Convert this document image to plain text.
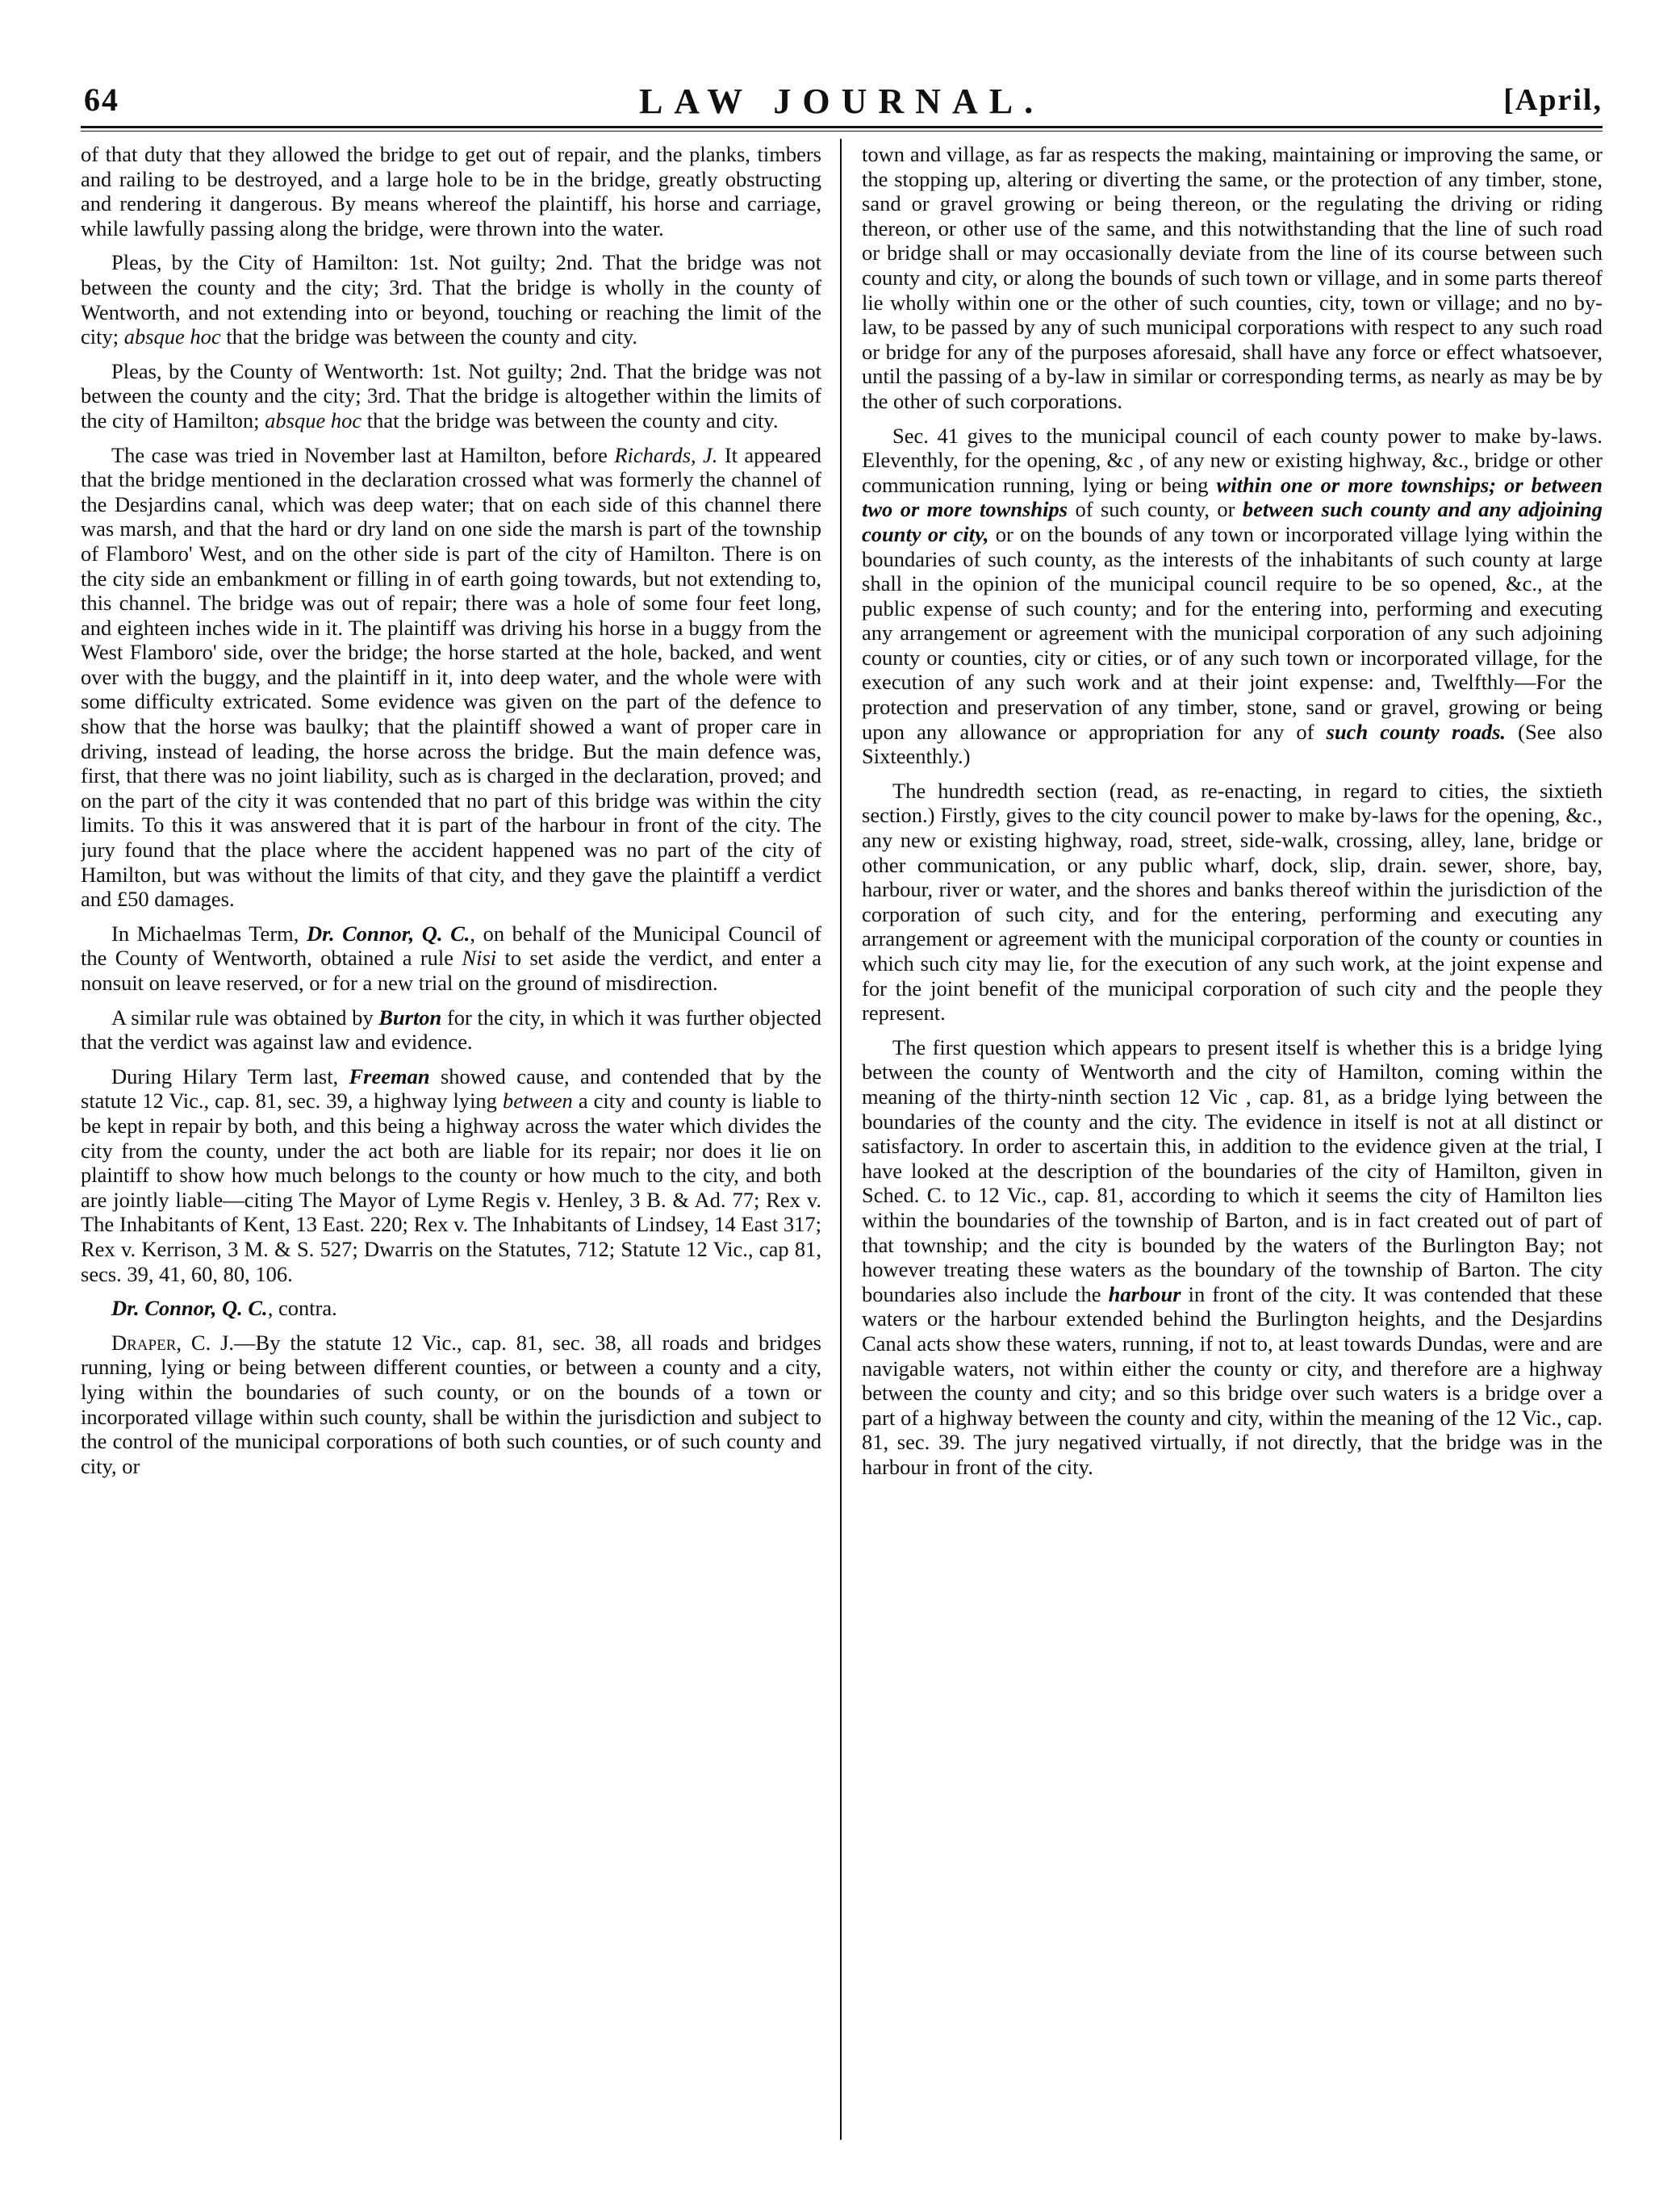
64	LAW JOURNAL.	[April,

of that duty that they allowed the bridge to get out of repair, and the planks, timbers and railing to be destroyed, and a large hole to be in the bridge, greatly obstructing and rendering it dangerous. By means whereof the plaintiff, his horse and carriage, while lawfully passing along the bridge, were thrown into the water.

Pleas, by the City of Hamilton: 1st. Not guilty; 2nd. That the bridge was not between the county and the city; 3rd. That the bridge is wholly in the county of Wentworth, and not extending into or beyond, touching or reaching the limit of the city; absque hoc that the bridge was between the county and city.

Pleas, by the County of Wentworth: 1st. Not guilty; 2nd. That the bridge was not between the county and the city; 3rd. That the bridge is altogether within the limits of the city of Hamilton; absque hoc that the bridge was between the county and city.

The case was tried in November last at Hamilton, before Richards, J. It appeared that the bridge mentioned in the declaration crossed what was formerly the channel of the Desjardins canal, which was deep water; that on each side of this channel there was marsh, and that the hard or dry land on one side the marsh is part of the township of Flamboro' West, and on the other side is part of the city of Hamilton. There is on the city side an embankment or filling in of earth going towards, but not extending to, this channel. The bridge was out of repair; there was a hole of some four feet long, and eighteen inches wide in it. The plaintiff was driving his horse in a buggy from the West Flamboro' side, over the bridge; the horse started at the hole, backed, and went over with the buggy, and the plaintiff in it, into deep water, and the whole were with some difficulty extricated. Some evidence was given on the part of the defence to show that the horse was baulky; that the plaintiff showed a want of proper care in driving, instead of leading, the horse across the bridge. But the main defence was, first, that there was no joint liability, such as is charged in the declaration, proved; and on the part of the city it was contended that no part of this bridge was within the city limits. To this it was answered that it is part of the harbour in front of the city. The jury found that the place where the accident happened was no part of the city of Hamilton, but was without the limits of that city, and they gave the plaintiff a verdict and £50 damages.

In Michaelmas Term, Dr. Connor, Q. C., on behalf of the Municipal Council of the County of Wentworth, obtained a rule Nisi to set aside the verdict, and enter a nonsuit on leave reserved, or for a new trial on the ground of misdirection.

A similar rule was obtained by Burton for the city, in which it was further objected that the verdict was against law and evidence.

During Hilary Term last, Freeman showed cause, and contended that by the statute 12 Vic., cap. 81, sec. 39, a highway lying between a city and county is liable to be kept in repair by both, and this being a highway across the water which divides the city from the county, under the act both are liable for its repair; nor does it lie on plaintiff to show how much belongs to the county or how much to the city, and both are jointly liable—citing The Mayor of Lyme Regis v. Henley, 3 B. & Ad. 77; Rex v. The Inhabitants of Kent, 13 East. 220; Rex v. The Inhabitants of Lindsey, 14 East 317; Rex v. Kerrison, 3 M. & S. 527; Dwarris on the Statutes, 712; Statute 12 Vic., cap 81, secs. 39, 41, 60, 80, 106.

Dr. Connor, Q. C., contra.

Draper, C. J.—By the statute 12 Vic., cap. 81, sec. 38, all roads and bridges running, lying or being between different counties, or between a county and a city, lying within the boundaries of such county, or on the bounds of a town or incorporated village within such county, shall be within the jurisdiction and subject to the control of the municipal corporations of both such counties, or of such county and city, or

town and village, as far as respects the making, maintaining or improving the same, or the stopping up, altering or diverting the same, or the protection of any timber, stone, sand or gravel growing or being thereon, or the regulating the driving or riding thereon, or other use of the same, and this notwithstanding that the line of such road or bridge shall or may occasionally deviate from the line of its course between such county and city, or along the bounds of such town or village, and in some parts thereof lie wholly within one or the other of such counties, city, town or village; and no by-law, to be passed by any of such municipal corporations with respect to any such road or bridge for any of the purposes aforesaid, shall have any force or effect whatsoever, until the passing of a by-law in similar or corresponding terms, as nearly as may be by the other of such corporations.

Sec. 41 gives to the municipal council of each county power to make by-laws. Eleventhly, for the opening, &c , of any new or existing highway, &c., bridge or other communication running, lying or being within one or more townships; or between two or more townships of such county, or between such county and any adjoining county or city, or on the bounds of any town or incorporated village lying within the boundaries of such county, as the interests of the inhabitants of such county at large shall in the opinion of the municipal council require to be so opened, &c., at the public expense of such county; and for the entering into, performing and executing any arrangement or agreement with the municipal corporation of any such adjoining county or counties, city or cities, or of any such town or incorporated village, for the execution of any such work and at their joint expense: and, Twelfthly—For the protection and preservation of any timber, stone, sand or gravel, growing or being upon any allowance or appropriation for any of such county roads. (See also Sixteenthly.)

The hundredth section (read, as re-enacting, in regard to cities, the sixtieth section.) Firstly, gives to the city council power to make by-laws for the opening, &c., any new or existing highway, road, street, side-walk, crossing, alley, lane, bridge or other communication, or any public wharf, dock, slip, drain. sewer, shore, bay, harbour, river or water, and the shores and banks thereof within the jurisdiction of the corporation of such city, and for the entering, performing and executing any arrangement or agreement with the municipal corporation of the county or counties in which such city may lie, for the execution of any such work, at the joint expense and for the joint benefit of the municipal corporation of such city and the people they represent.

The first question which appears to present itself is whether this is a bridge lying between the county of Wentworth and the city of Hamilton, coming within the meaning of the thirty-ninth section 12 Vic , cap. 81, as a bridge lying between the boundaries of the county and the city. The evidence in itself is not at all distinct or satisfactory. In order to ascertain this, in addition to the evidence given at the trial, I have looked at the description of the boundaries of the city of Hamilton, given in Sched. C. to 12 Vic., cap. 81, according to which it seems the city of Hamilton lies within the boundaries of the township of Barton, and is in fact created out of part of that township; and the city is bounded by the waters of the Burlington Bay; not however treating these waters as the boundary of the township of Barton. The city boundaries also include the harbour in front of the city. It was contended that these waters or the harbour extended behind the Burlington heights, and the Desjardins Canal acts show these waters, running, if not to, at least towards Dundas, were and are navigable waters, not within either the county or city, and therefore are a highway between the county and city; and so this bridge over such waters is a bridge over a part of a highway between the county and city, within the meaning of the 12 Vic., cap. 81, sec. 39. The jury negatived virtually, if not directly, that the bridge was in the harbour in front of the city.
